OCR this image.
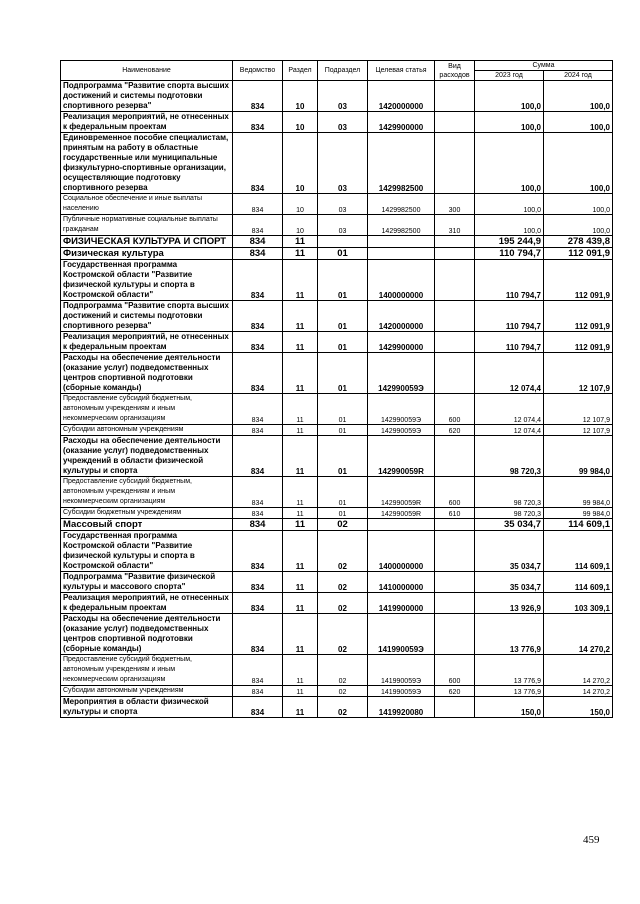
Наименование	Ведомство	Раздел	Подраздел	Целевая статья	Вид расходов	Сумма	
						2023 год	2024 год
Подпрограмма "Развитие спорта высших достижений и системы подготовки спортивного резерва"	834	10	03	1420000000		100,0	100,0
Реализация мероприятий, не отнесенных к федеральным проектам	834	10	03	1429900000		100,0	100,0
Единовременное пособие специалистам, принятым на работу в областные государственные или муниципальные физкультурно-спортивные организации, осуществляющие подготовку спортивного резерва	834	10	03	1429982500		100,0	100,0
Социальное обеспечение и иные выплаты населению	834	10	03	1429982500	300	100,0	100,0
Публичные нормативные социальные выплаты гражданам	834	10	03	1429982500	310	100,0	100,0
ФИЗИЧЕСКАЯ КУЛЬТУРА И СПОРТ	834	11				195 244,9	278 439,8
Физическая культура	834	11	01			110 794,7	112 091,9
Государственная программа Костромской области "Развитие физической культуры и спорта в Костромской области"	834	11	01	1400000000		110 794,7	112 091,9
Подпрограмма "Развитие спорта высших достижений и системы подготовки спортивного резерва"	834	11	01	1420000000		110 794,7	112 091,9
Реализация мероприятий, не отнесенных к федеральным проектам	834	11	01	1429900000		110 794,7	112 091,9
Расходы на обеспечение деятельности (оказание услуг) подведомственных центров спортивной подготовки (сборные команды)	834	11	01	142990059Э		12 074,4	12 107,9
Предоставление субсидий бюджетным, автономным учреждениям и иным некоммерческим организациям	834	11	01	142990059Э	600	12 074,4	12 107,9
Субсидии автономным учреждениям	834	11	01	142990059Э	620	12 074,4	12 107,9
Расходы на обеспечение деятельности (оказание услуг) подведомственных учреждений в области физической культуры и спорта	834	11	01	142990059R		98 720,3	99 984,0
Предоставление субсидий бюджетным, автономным учреждениям и иным некоммерческим организациям	834	11	01	142990059R	600	98 720,3	99 984,0
Субсидии бюджетным учреждениям	834	11	01	142990059R	610	98 720,3	99 984,0
Массовый спорт	834	11	02			35 034,7	114 609,1
Государственная программа Костромской области "Развитие физической культуры и спорта в Костромской области"	834	11	02	1400000000		35 034,7	114 609,1
Подпрограмма "Развитие физической культуры и массового спорта"	834	11	02	1410000000		35 034,7	114 609,1
Реализация мероприятий, не отнесенных к федеральным проектам	834	11	02	1419900000		13 926,9	103 309,1
Расходы на обеспечение деятельности (оказание услуг) подведомственных центров спортивной подготовки (сборные команды)	834	11	02	141990059Э		13 776,9	14 270,2
Предоставление субсидий бюджетным, автономным учреждениям и иным некоммерческим организациям	834	11	02	141990059Э	600	13 776,9	14 270,2
Субсидии автономным учреждениям	834	11	02	141990059Э	620	13 776,9	14 270,2
Мероприятия в области физической культуры и спорта	834	11	02	1419920080		150,0	150,0
459
